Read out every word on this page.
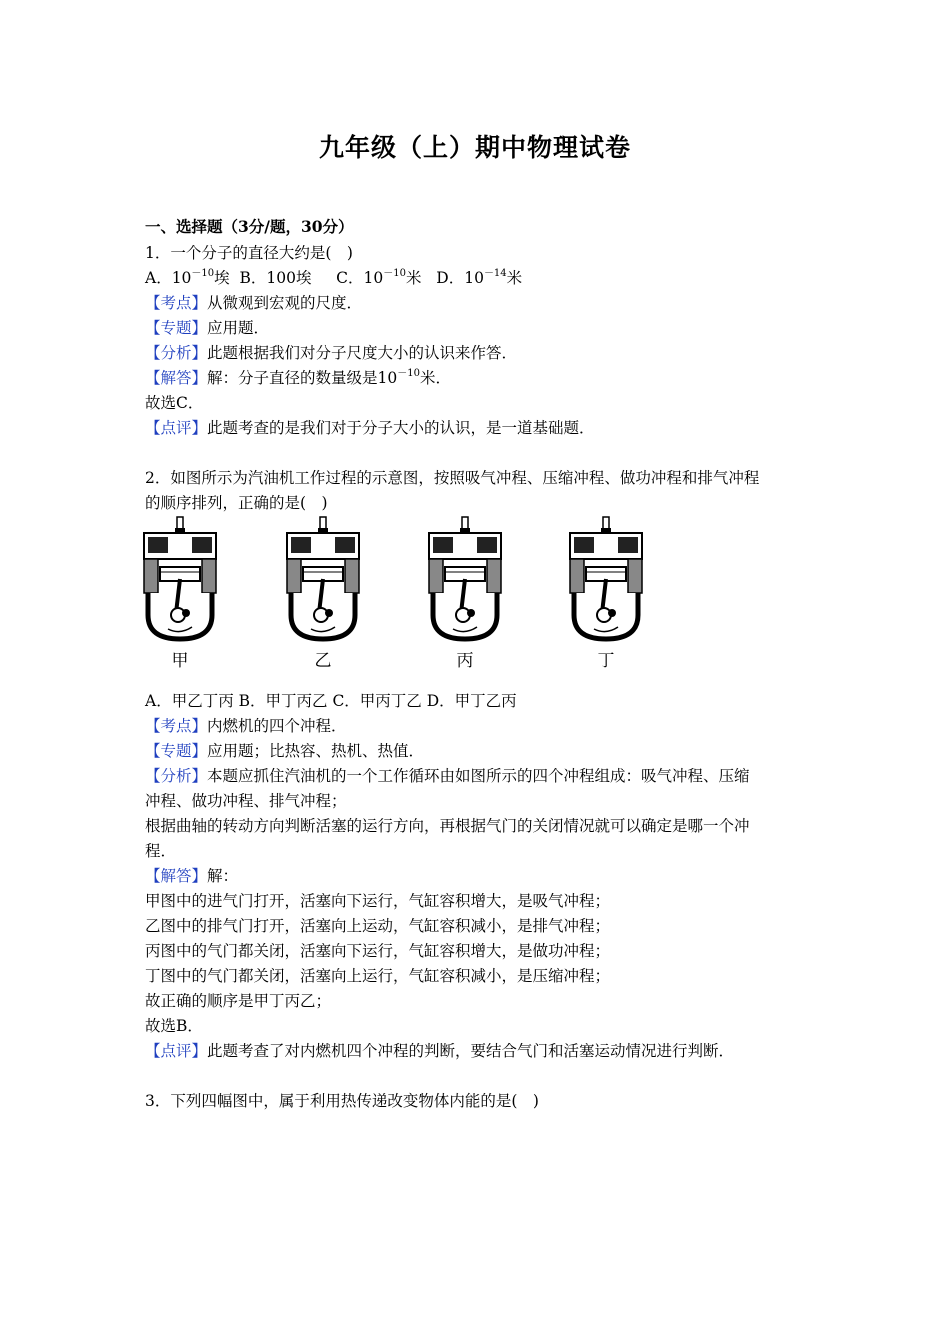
九年级（上）期中物理试卷
一、选择题（3分/题，30分）
1．一个分子的直径大约是(　)
A．$10^{-10}$埃 B．100埃 C．$10^{-10}$米 D．$10^{-14}$米
【考点】从微观到宏观的尺度．
【专题】应用题．
【分析】此题根据我们对分子尺度大小的认识来作答．
【解答】解：分子直径的数量级是$10^{-10}$米．
故选C．
【点评】此题考查的是我们对于分子大小的认识，是一道基础题．
2．如图所示为汽油机工作过程的示意图，按照吸气冲程、压缩冲程、做功冲程和排气冲程
的顺序排列，正确的是(　)
甲	乙	丙	丁
A．甲乙丁丙 B．甲丁丙乙 C．甲丙丁乙 D．甲丁乙丙
【考点】内燃机的四个冲程．
【专题】应用题；比热容、热机、热值．
【分析】本题应抓住汽油机的一个工作循环由如图所示的四个冲程组成：吸气冲程、压缩
冲程、做功冲程、排气冲程；
根据曲轴的转动方向判断活塞的运行方向，再根据气门的关闭情况就可以确定是哪一个冲
程．
【解答】解：
甲图中的进气门打开，活塞向下运行，气缸容积增大，是吸气冲程；
乙图中的排气门打开，活塞向上运动，气缸容积减小，是排气冲程；
丙图中的气门都关闭，活塞向下运行，气缸容积增大，是做功冲程；
丁图中的气门都关闭，活塞向上运行，气缸容积减小，是压缩冲程；
故正确的顺序是甲丁丙乙；
故选B．
【点评】此题考查了对内燃机四个冲程的判断，要结合气门和活塞运动情况进行判断．
3．下列四幅图中，属于利用热传递改变物体内能的是(　)
